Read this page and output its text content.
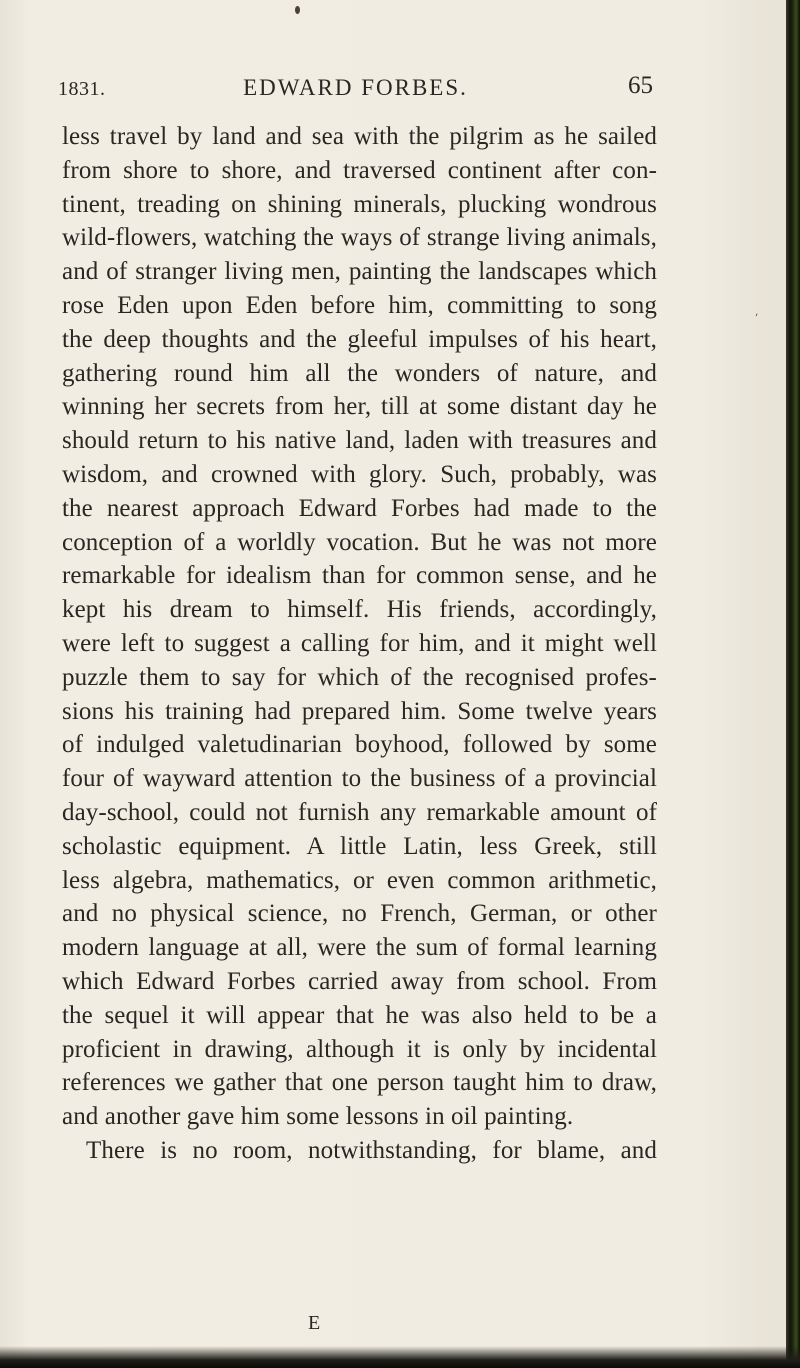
ˊ
1831.	EDWARD FORBES.	65
less travel by land and sea with the pilgrim as he sailed
from shore to shore, and traversed continent after con-
tinent, treading on shining minerals, plucking wondrous
wild-flowers, watching the ways of strange living animals,
and of stranger living men, painting the landscapes which
rose Eden upon Eden before him, committing to song
the deep thoughts and the gleeful impulses of his heart,
gathering round him all the wonders of nature, and
winning her secrets from her, till at some distant day he
should return to his native land, laden with treasures and
wisdom, and crowned with glory. Such, probably, was
the nearest approach Edward Forbes had made to the
conception of a worldly vocation. But he was not more
remarkable for idealism than for common sense, and he
kept his dream to himself. His friends, accordingly,
were left to suggest a calling for him, and it might well
puzzle them to say for which of the recognised profes-
sions his training had prepared him. Some twelve years
of indulged valetudinarian boyhood, followed by some
four of wayward attention to the business of a provincial
day-school, could not furnish any remarkable amount of
scholastic equipment. A little Latin, less Greek, still
less algebra, mathematics, or even common arithmetic,
and no physical science, no French, German, or other
modern language at all, were the sum of formal learning
which Edward Forbes carried away from school. From
the sequel it will appear that he was also held to be a
proficient in drawing, although it is only by incidental
references we gather that one person taught him to draw,
and another gave him some lessons in oil painting.
There is no room, notwithstanding, for blame, and
E
